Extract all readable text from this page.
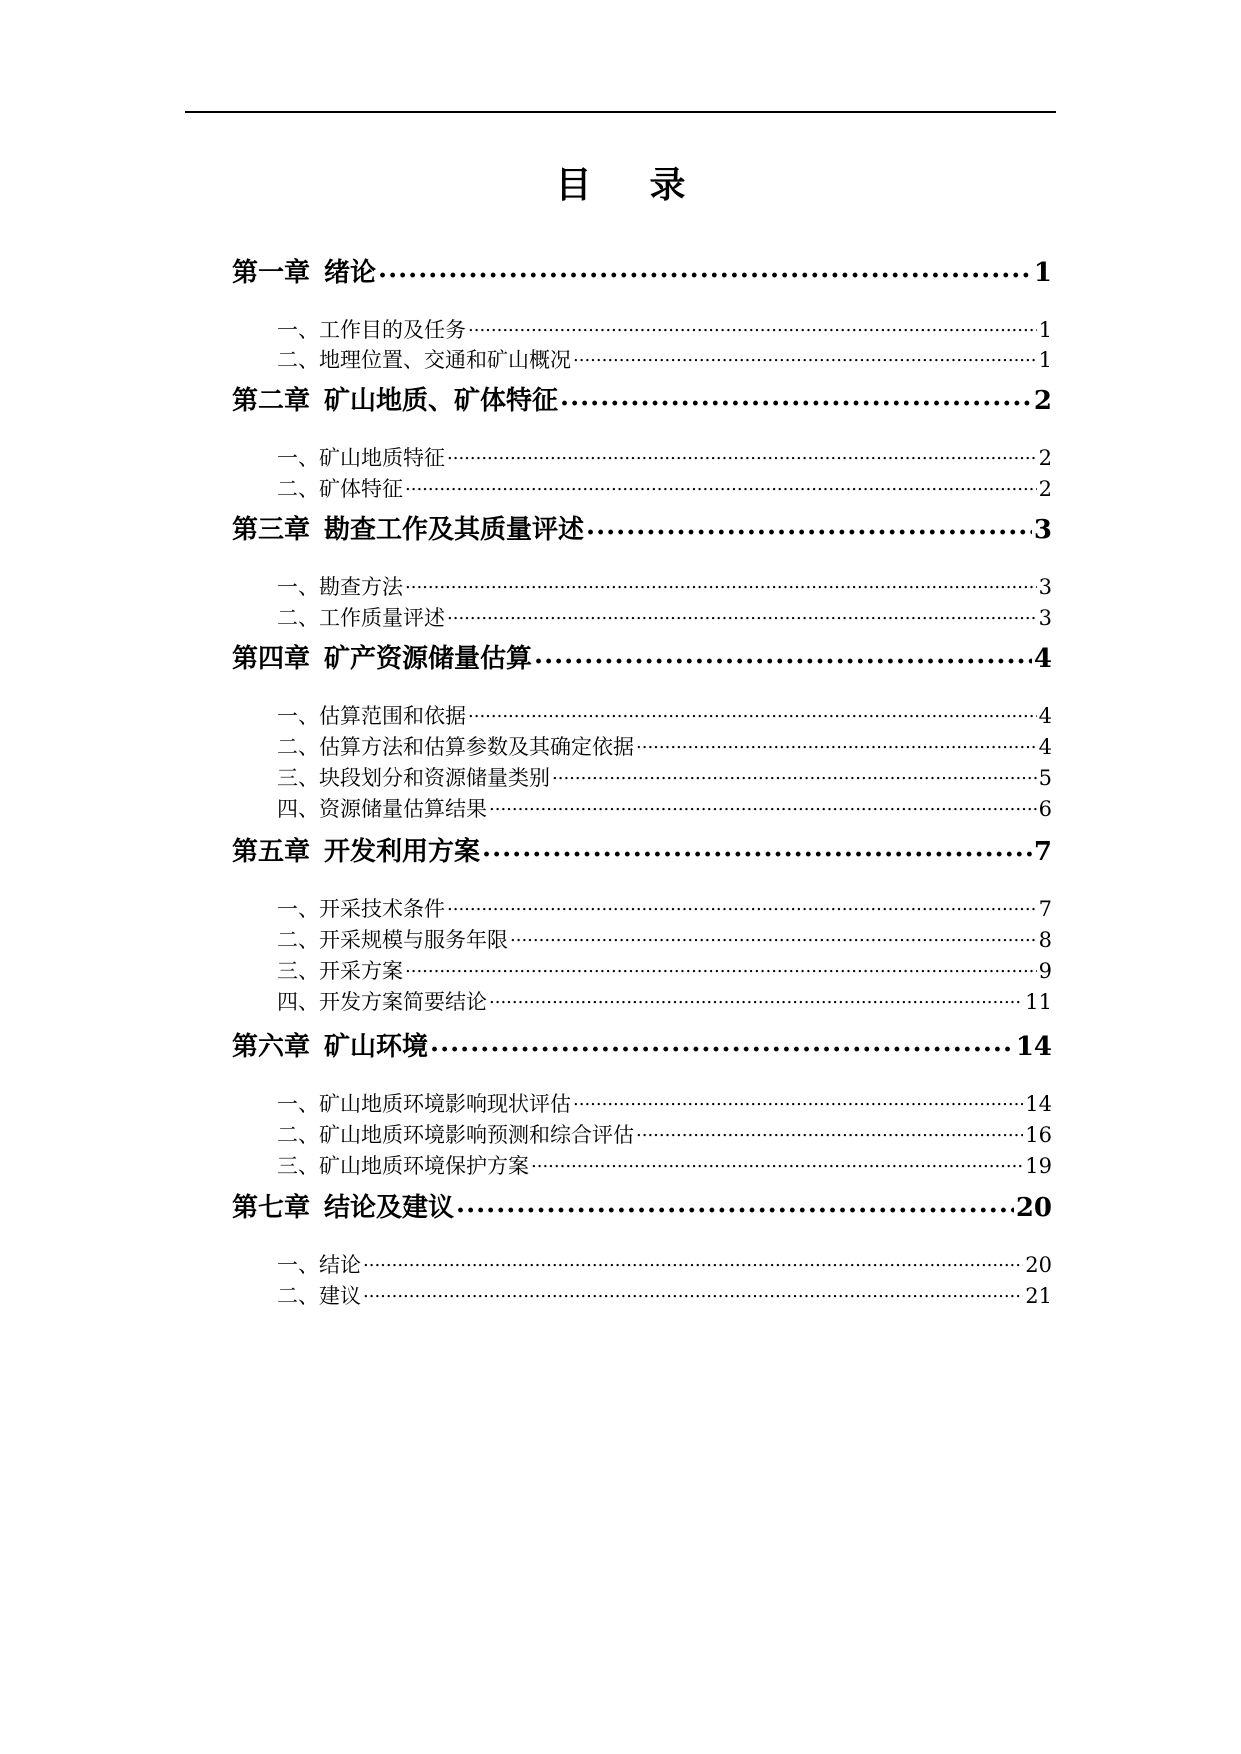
目 录
第一章 绪论 .....	1
一、工作目的及任务 .....	1
二、地理位置、交通和矿山概况 .....	1
第二章 矿山地质、矿体特征 .....	2
一、矿山地质特征 .....	2
二、矿体特征 .....	2
第三章 勘查工作及其质量评述 .....	3
一、勘查方法 .....	3
二、工作质量评述 .....	3
第四章 矿产资源储量估算 .....	4
一、估算范围和依据 .....	4
二、估算方法和估算参数及其确定依据 .....	4
三、块段划分和资源储量类别 .....	5
四、资源储量估算结果 .....	6
第五章 开发利用方案 .....	7
一、开采技术条件 .....	7
二、开采规模与服务年限 .....	8
三、开采方案 .....	9
四、开发方案简要结论 .....	11
第六章 矿山环境 .....	14
一、矿山地质环境影响现状评估 .....	14
二、矿山地质环境影响预测和综合评估 .....	16
三、矿山地质环境保护方案 .....	19
第七章 结论及建议 .....	20
一、结论 .....	20
二、建议 .....	21
